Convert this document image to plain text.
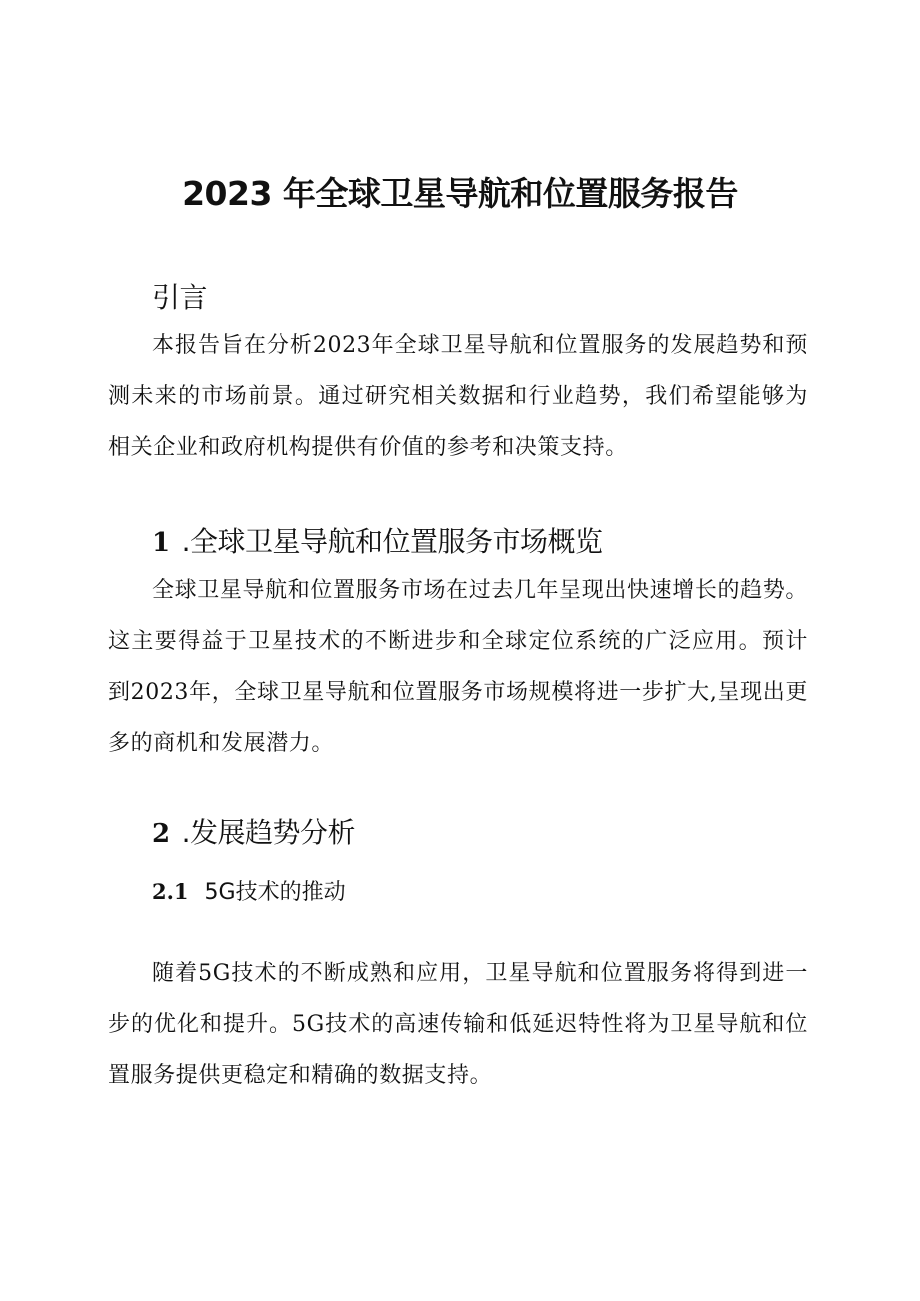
2023 年全球卫星导航和位置服务报告
引言

本报告旨在分析2023年全球卫星导航和位置服务的发展趋势和预测未来的市场前景。通过研究相关数据和行业趋势，我们希望能够为相关企业和政府机构提供有价值的参考和决策支持。

1 .全球卫星导航和位置服务市场概览

全球卫星导航和位置服务市场在过去几年呈现出快速增长的趋势。这主要得益于卫星技术的不断进步和全球定位系统的广泛应用。预计到2023年，全球卫星导航和位置服务市场规模将进一步扩大,呈现出更多的商机和发展潜力。

2 .发展趋势分析
2.1 5G技术的推动

随着5G技术的不断成熟和应用，卫星导航和位置服务将得到进一步的优化和提升。5G技术的高速传输和低延迟特性将为卫星导航和位置服务提供更稳定和精确的数据支持。
